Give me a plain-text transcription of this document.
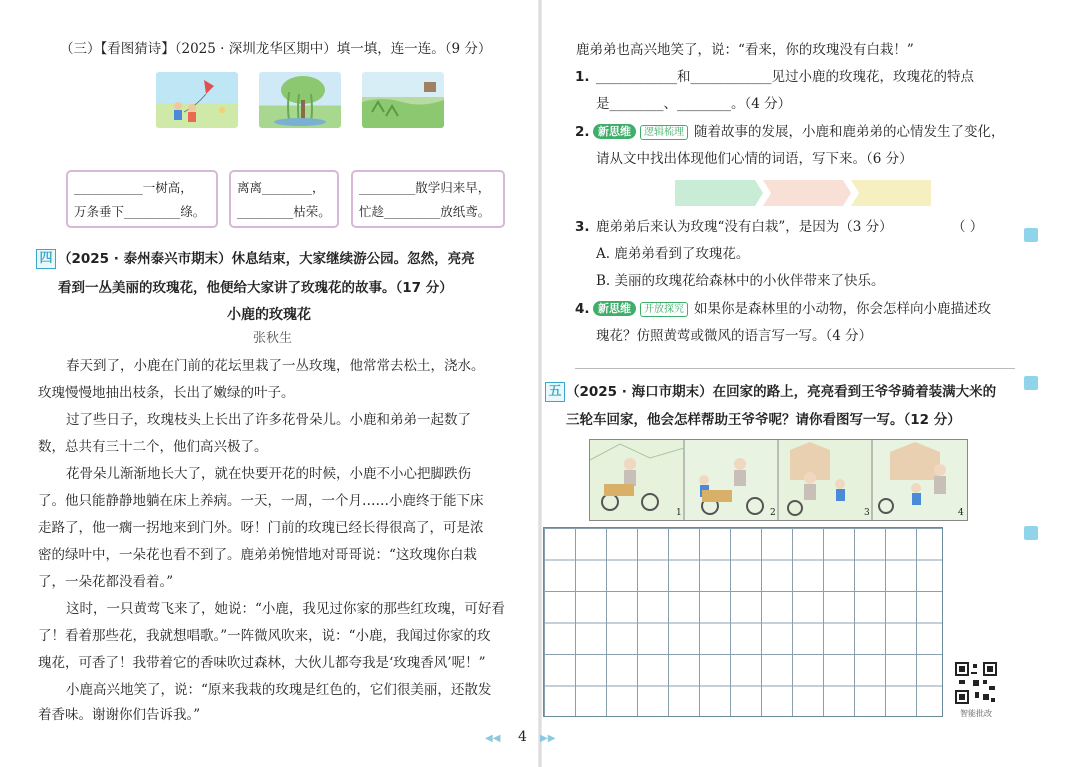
（三）【看图猜诗】（2025 · 深圳龙华区期中）填一填，连一连。（9 分）
___________一树高，
万条垂下_________绦。
离离________，
_________枯荣。
_________散学归来早，
忙趁_________放纸鸢。
四 （2025 · 泰州泰兴市期末）休息结束，大家继续游公园。忽然，亮亮
看到一丛美丽的玫瑰花，他便给大家讲了玫瑰花的故事。（17 分）
小鹿的玫瑰花
张秋生
春天到了，小鹿在门前的花坛里栽了一丛玫瑰，他常常去松土，浇水。
玫瑰慢慢地抽出枝条，长出了嫩绿的叶子。
过了些日子，玫瑰枝头上长出了许多花骨朵儿。小鹿和弟弟一起数了
数，总共有三十二个，他们高兴极了。
花骨朵儿渐渐地长大了，就在快要开花的时候，小鹿不小心把脚跌伤
了。他只能静静地躺在床上养病。一天，一周，一个月……小鹿终于能下床
走路了，他一瘸一拐地来到门外。呀！门前的玫瑰已经长得很高了，可是浓
密的绿叶中，一朵花也看不到了。鹿弟弟惋惜地对哥哥说：“这玫瑰你白栽
了，一朵花都没看着。”
这时，一只黄莺飞来了，她说：“小鹿，我见过你家的那些红玫瑰，可好看
了！看着那些花，我就想唱歌。”一阵微风吹来，说：“小鹿，我闻过你家的玫
瑰花，可香了！我带着它的香味吹过森林，大伙儿都夸我是‘玫瑰香风’呢！”
小鹿高兴地笑了，说：“原来我栽的玫瑰是红色的，它们很美丽，还散发
着香味。谢谢你们告诉我。”
鹿弟弟也高兴地笑了，说：“看来，你的玫瑰没有白栽！”
1. ____________和____________见过小鹿的玫瑰花，玫瑰花的特点
是________、________。（4 分）
2. 新思维	逻辑梳理 随着故事的发展，小鹿和鹿弟弟的心情发生了变化，
请从文中找出体现他们心情的词语，写下来。（6 分）
3. 鹿弟弟后来认为玫瑰“没有白栽”，是因为（3 分）	（ ）
A. 鹿弟弟看到了玫瑰花。
B. 美丽的玫瑰花给森林中的小伙伴带来了快乐。
4. 新思维	开放探究 如果你是森林里的小动物，你会怎样向小鹿描述玫
瑰花？仿照黄莺或微风的语言写一写。（4 分）
五 （2025 · 海口市期末）在回家的路上，亮亮看到王爷爷骑着装满大米的
三轮车回家，他会怎样帮助王爷爷呢？请你看图写一写。（12 分）
1	2	3	4
智能批改
◀◀ 4 ▶▶
